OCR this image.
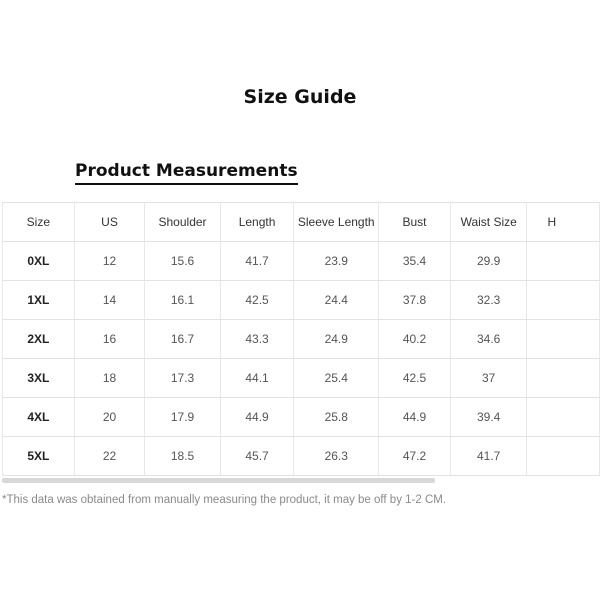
Size Guide
Product Measurements
Size	US	Shoulder	Length	Sleeve Length	Bust	Waist Size	H
0XL	12	15.6	41.7	23.9	35.4	29.9	
1XL	14	16.1	42.5	24.4	37.8	32.3	
2XL	16	16.7	43.3	24.9	40.2	34.6	
3XL	18	17.3	44.1	25.4	42.5	37	
4XL	20	17.9	44.9	25.8	44.9	39.4	
5XL	22	18.5	45.7	26.3	47.2	41.7	

*This data was obtained from manually measuring the product, it may be off by 1-2 CM.
